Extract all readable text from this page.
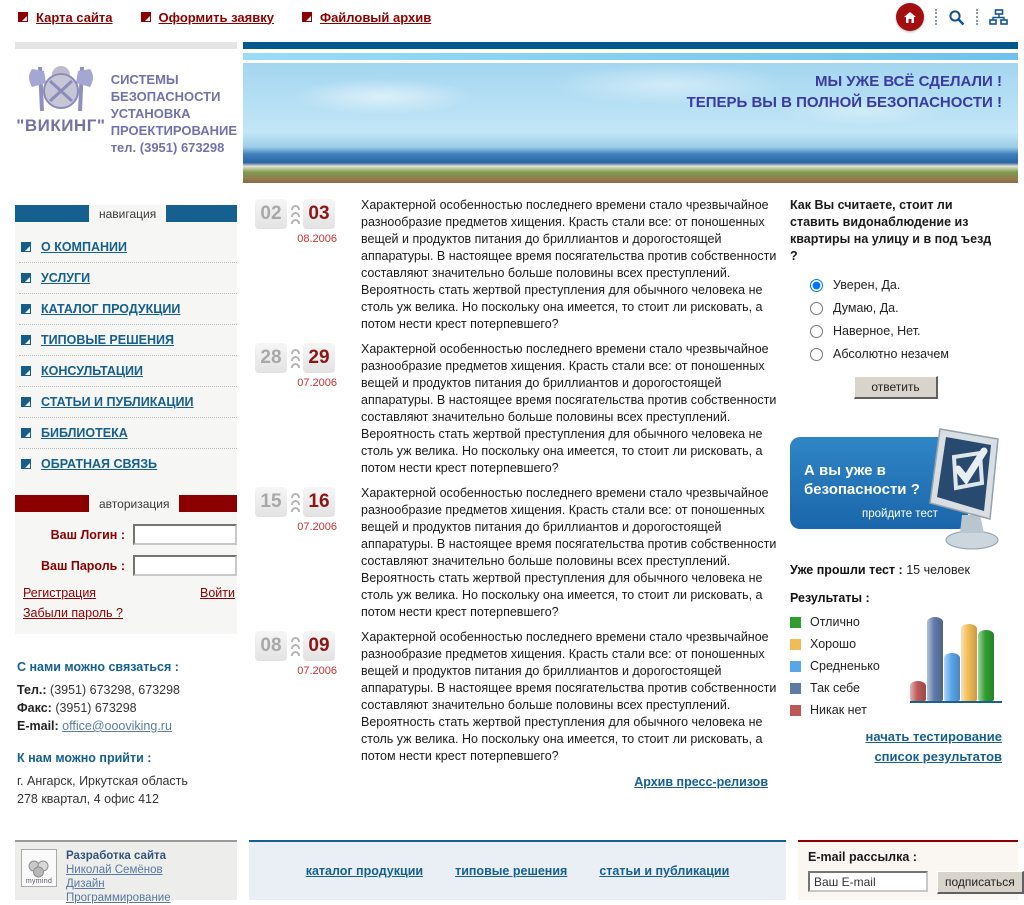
Карта сайта	Оформить заявку	Файловый архив
"ВИКИНГ"
СИСТЕМЫ
БЕЗОПАСНОСТИ
УСТАНОВКА
ПРОЕКТИРОВАНИЕ
тел. (3951) 673298
МЫ УЖЕ ВСЁ СДЕЛАЛИ !
ТЕПЕРЬ ВЫ В ПОЛНОЙ БЕЗОПАСНОСТИ !
навигация
О КОМПАНИИ
УСЛУГИ
КАТАЛОГ ПРОДУКЦИИ
ТИПОВЫЕ РЕШЕНИЯ
КОНСУЛЬТАЦИИ
СТАТЬИ И ПУБЛИКАЦИИ
БИБЛИОТЕКА
ОБРАТНАЯ СВЯЗЬ
авторизация
Ваш Логин :
Ваш Пароль :
Регистрация	Войти
Забыли пароль ?
С нами можно связаться :
Тел.: (3951) 673298, 673298
Факс: (3951) 673298
E-mail: office@oooviking.ru
К нам можно прийти :
г. Ангарск, Иркутская область
278 квартал, 4 офис 412
02 03
08.2006
Характерной особенностью последнего времени стало чрезвычайное разнообразие предметов хищения. Красть стали все: от поношенных вещей и продуктов питания до бриллиантов и дорогостоящей аппаратуры. В настоящее время посягательства против собственности составляют значительно больше половины всех преступлений. Вероятность стать жертвой преступления для обычного человека не столь уж велика. Но поскольку она имеется, то стоит ли рисковать, а потом нести крест потерпевшего?
28 29
07.2006
Характерной особенностью последнего времени стало чрезвычайное разнообразие предметов хищения. Красть стали все: от поношенных вещей и продуктов питания до бриллиантов и дорогостоящей аппаратуры. В настоящее время посягательства против собственности составляют значительно больше половины всех преступлений. Вероятность стать жертвой преступления для обычного человека не столь уж велика. Но поскольку она имеется, то стоит ли рисковать, а потом нести крест потерпевшего?
15 16
07.2006
Характерной особенностью последнего времени стало чрезвычайное разнообразие предметов хищения. Красть стали все: от поношенных вещей и продуктов питания до бриллиантов и дорогостоящей аппаратуры. В настоящее время посягательства против собственности составляют значительно больше половины всех преступлений. Вероятность стать жертвой преступления для обычного человека не столь уж велика. Но поскольку она имеется, то стоит ли рисковать, а потом нести крест потерпевшего?
08 09
07.2006
Характерной особенностью последнего времени стало чрезвычайное разнообразие предметов хищения. Красть стали все: от поношенных вещей и продуктов питания до бриллиантов и дорогостоящей аппаратуры. В настоящее время посягательства против собственности составляют значительно больше половины всех преступлений. Вероятность стать жертвой преступления для обычного человека не столь уж велика. Но поскольку она имеется, то стоит ли рисковать, а потом нести крест потерпевшего?
Архив пресс-релизов
Как Вы считаете, стоит ли ставить видонаблюдение из квартиры на улицу и в под ъезд ?
Уверен, Да.
Думаю, Да.
Наверное, Нет.
Абсолютно незачем
ответить
А вы уже в
безопасности ?
пройдите тест
Уже прошли тест : 15 человек
Результаты :
Отлично
Хорошо
Средненько
Так себе
Никак нет
начать тестирование
список результатов
mymind
Разработка сайта
Николай Семёнов
Дизайн
Программирование
каталог продукции	типовые решения	статьи и публикации
E-mail рассылка :
Ваш E-mail
подписаться
